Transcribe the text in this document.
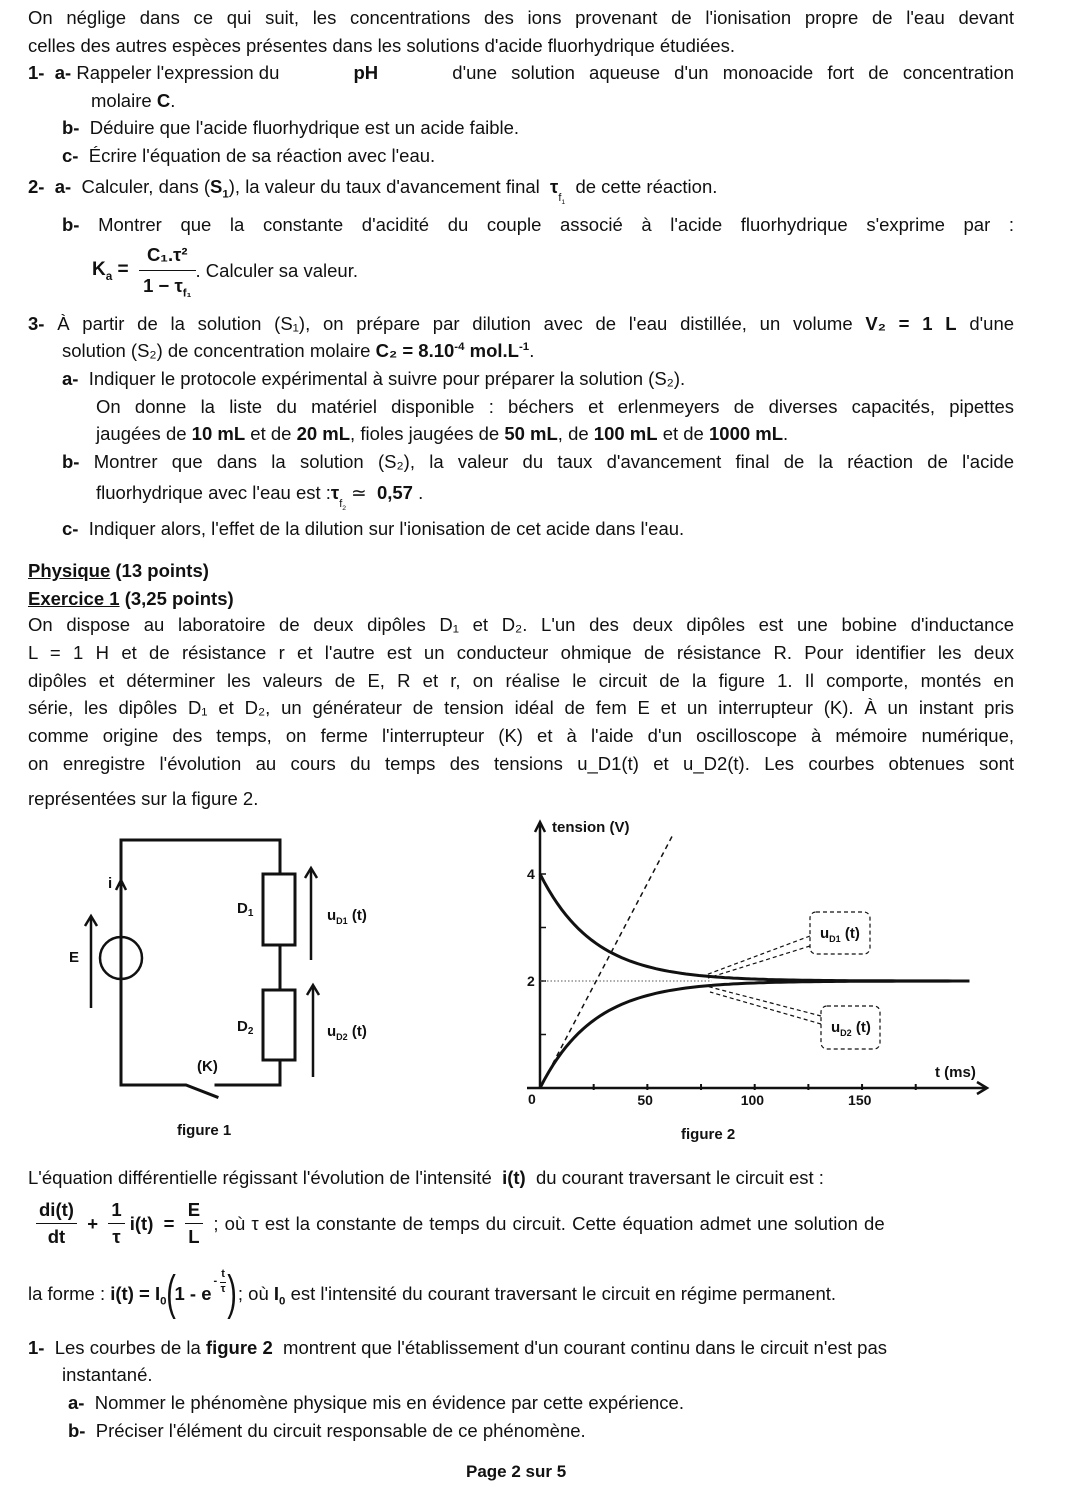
On néglige dans ce qui suit, les concentrations des ions provenant de l'ionisation propre de l'eau devant
celles des autres espèces présentes dans les solutions d'acide fluorhydrique étudiées.
1-
a-
Rappeler l'expression du	pH	d'une solution aqueuse d'un monoacide fort de concentration
molaire C.
b- Déduire que l'acide fluorhydrique est un acide faible.
c- Écrire l'équation de sa réaction avec l'eau.
2- a- Calculer, dans $(S_1)$, la valeur du taux d'avancement final $\tau_{f_1}$  de cette réaction.
b- Montrer que la constante d'acidité du couple associé à l'acide fluorhydrique s'exprime par :
$K_a$ =
$\frac{\text{C₁.τ²}}{1 - \tau_{f_1}}$ . Calculer sa valeur.
3- À partir de la solution (S₁), on prépare par dilution avec de l'eau distillée, un volume V₂ = 1 L d'une
solution (S₂) de concentration molaire $C_2 = 8.10^{-4}$ $mol.L^{-1}$.
a- Indiquer le protocole expérimental à suivre pour préparer la solution (S₂).
On donne la liste du matériel disponible : béchers et erlenmeyers de diverses capacités, pipettes
jaugées de 10 mL et de 20 mL, fioles jaugées de 50 mL, de 100 mL et de 1000 mL.
b- Montrer que dans la solution (S₂), la valeur du taux d'avancement final de la réaction de l'acide
fluorhydrique avec l'eau est $:\tau_{f_2}$ ≃  0,57 .
c- Indiquer alors, l'effet de la dilution sur l'ionisation de cet acide dans l'eau.
Physique (13 points)
Exercice 1 (3,25 points)
On dispose au laboratoire de deux dipôles D₁ et D₂. L'un des deux dipôles est une bobine d'inductance
L = 1 H et de résistance r et l'autre est un conducteur ohmique de résistance R. Pour identifier les deux
dipôles et déterminer les valeurs de E, R et r, on réalise le circuit de la figure 1. Il comporte, montés en
série, les dipôles D₁ et D₂, un générateur de tension idéal de fem E et un interrupteur (K). À un instant pris
comme origine des temps, on ferme l'interrupteur (K) et à l'aide d'un oscilloscope à mémoire numérique,
on enregistre l'évolution au cours du temps des tensions u_D1(t) et u_D2(t). Les courbes obtenues sont
représentées sur la figure 2.
E
i
$D_1$
$D_2$
(K)
$u_{D1}$ (t)
$u_{D2}$ (t)
figure 1
4
2
0	50	100	150
tension (V)
t (ms)
figure 2
$u_{D1}$ (t)
$u_{D2}$ (t)
L'équation différentielle régissant l'évolution de l'intensité i(t) du courant traversant le circuit est :
$\frac{di(t)}{dt}$
+
$\frac{1}{\tau}$
i(t)
=
$\frac{E}{L}$
; où τ est la constante de temps du circuit. Cette équation admet une solution de
la forme :
$i(t) = I_0$ ( 1 - e
- $\frac{t}{\tau}$ ) ; où
$I_0$
est l'intensité du courant traversant le circuit en régime permanent.
1- Les courbes de la figure 2 montrent que l'établissement d'un courant continu dans le circuit n'est pas
instantané.
a- Nommer le phénomène physique mis en évidence par cette expérience.
b- Préciser l'élément du circuit responsable de ce phénomène.
Page 2 sur 5
